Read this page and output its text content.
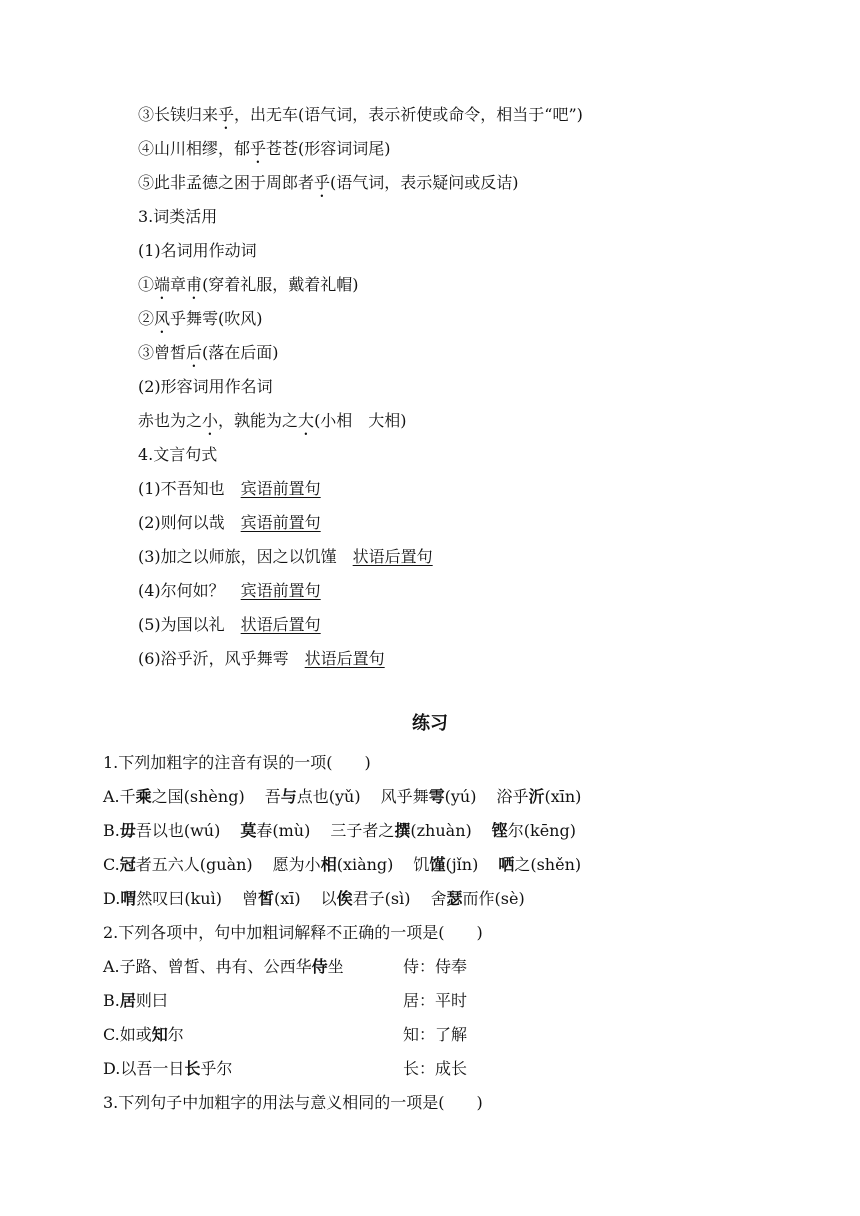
③长铗归来乎，出无车(语气词，表示祈使或命令，相当于“吧”)
④山川相缪，郁乎苍苍(形容词词尾)
⑤此非孟德之困于周郎者乎(语气词，表示疑问或反诘)
3.词类活用
(1)名词用作动词
①端章甫(穿着礼服，戴着礼帽)
②风乎舞雩(吹风)
③曾皙后(落在后面)
(2)形容词用作名词
赤也为之小，孰能为之大(小相　大相)
4.文言句式
(1)不吾知也 宾语前置句
(2)则何以哉 宾语前置句
(3)加之以师旅，因之以饥馑 状语后置句
(4)尔何如？ 宾语前置句
(5)为国以礼 状语后置句
(6)浴乎沂，风乎舞雩 状语后置句
练习
1.下列加粗字的注音有误的一项(　　)
A.千乘之国(shèng) 吾与点也(yǔ) 风乎舞雩(yú) 浴乎沂(xīn)
B.毋吾以也(wú) 莫春(mù) 三子者之撰(zhuàn) 铿尔(kēng)
C.冠者五六人(guàn) 愿为小相(xiàng) 饥馑(jǐn) 哂之(shěn)
D.喟然叹曰(kuì) 曾皙(xī) 以俟君子(sì) 舍瑟而作(sè)
2.下列各项中，句中加粗词解释不正确的一项是(　　)
A.子路、曾皙、冉有、公西华侍坐	侍：侍奉
B.居则曰	居：平时
C.如或知尔	知：了解
D.以吾一日长乎尔	长：成长
3.下列句子中加粗字的用法与意义相同的一项是(　　)
